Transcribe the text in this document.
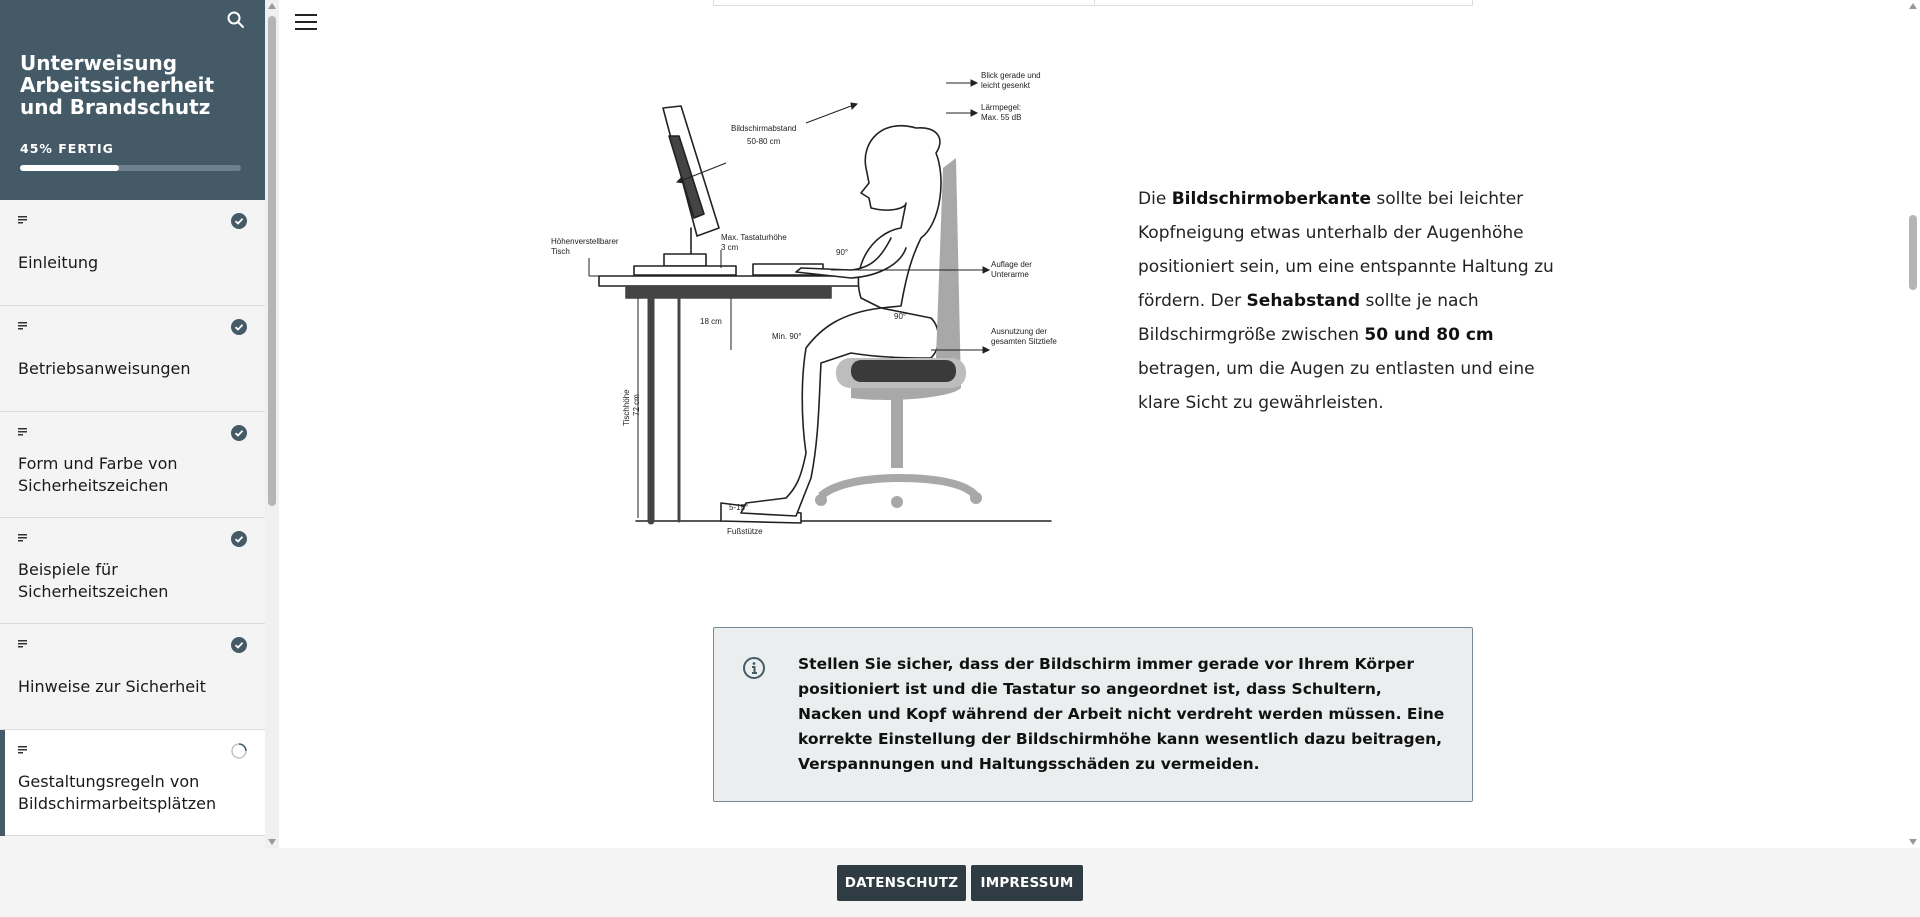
Unterweisung Arbeitssicherheit und Brandschutz
45% FERTIG
Einleitung
Betriebsanweisungen
Form und Farbe von Sicherheitszeichen
Beispiele für Sicherheitszeichen
Hinweise zur Sicherheit
Gestaltungsregeln von Bildschirmarbeitsplätzen
Blick gerade und
leicht gesenkt
Lärmpegel:
Max. 55 dB
Bildschirmabstand
50-80 cm
Max. Tastaturhöhe
3 cm
Höhenverstellbarer
Tisch	90°
Auflage der
Unterarme
18 cm
90°
Min. 90°
Ausnutzung der
gesamten Sitztiefe
5-15°
Fußstütze
Tischhöhe 72 cm

Die Bildschirmoberkante sollte bei leichter Kopfneigung etwas unterhalb der Augenhöhe positioniert sein, um eine entspannte Haltung zu fördern. Der Sehabstand sollte je nach Bildschirmgröße zwischen 50 und 80 cm betragen, um die Augen zu entlasten und eine klare Sicht zu gewährleisten.

Stellen Sie sicher, dass der Bildschirm immer gerade vor Ihrem Körper positioniert ist und die Tastatur so angeordnet ist, dass Schultern, Nacken und Kopf während der Arbeit nicht verdreht werden müssen. Eine korrekte Einstellung der Bildschirmhöhe kann wesentlich dazu beitragen, Verspannungen und Haltungsschäden zu vermeiden.
DATENSCHUTZ	IMPRESSUM
